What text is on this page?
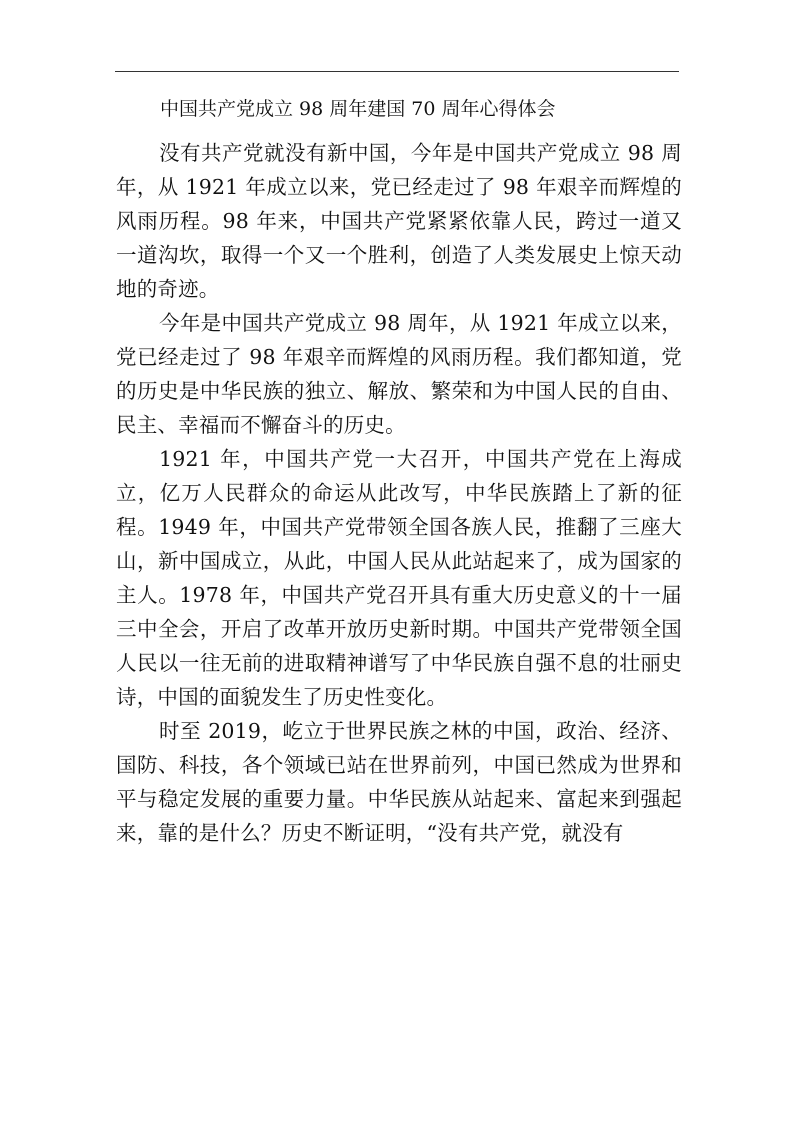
中国共产党成立 98 周年建国 70 周年心得体会

没有共产党就没有新中国，今年是中国共产党成立 98 周年，从 1921 年成立以来，党已经走过了 98 年艰辛而辉煌的风雨历程。98 年来，中国共产党紧紧依靠人民，跨过一道又一道沟坎，取得一个又一个胜利，创造了人类发展史上惊天动地的奇迹。

今年是中国共产党成立 98 周年，从 1921 年成立以来，党已经走过了 98 年艰辛而辉煌的风雨历程。我们都知道，党的历史是中华民族的独立、解放、繁荣和为中国人民的自由、民主、幸福而不懈奋斗的历史。

1921 年，中国共产党一大召开，中国共产党在上海成立，亿万人民群众的命运从此改写，中华民族踏上了新的征程。1949 年，中国共产党带领全国各族人民，推翻了三座大山，新中国成立，从此，中国人民从此站起来了，成为国家的主人。1978 年，中国共产党召开具有重大历史意义的十一届三中全会，开启了改革开放历史新时期。中国共产党带领全国人民以一往无前的进取精神谱写了中华民族自强不息的壮丽史诗，中国的面貌发生了历史性变化。

时至 2019，屹立于世界民族之林的中国，政治、经济、国防、科技，各个领域已站在世界前列，中国已然成为世界和平与稳定发展的重要力量。中华民族从站起来、富起来到强起来，靠的是什么？历史不断证明，“没有共产党，就没有
